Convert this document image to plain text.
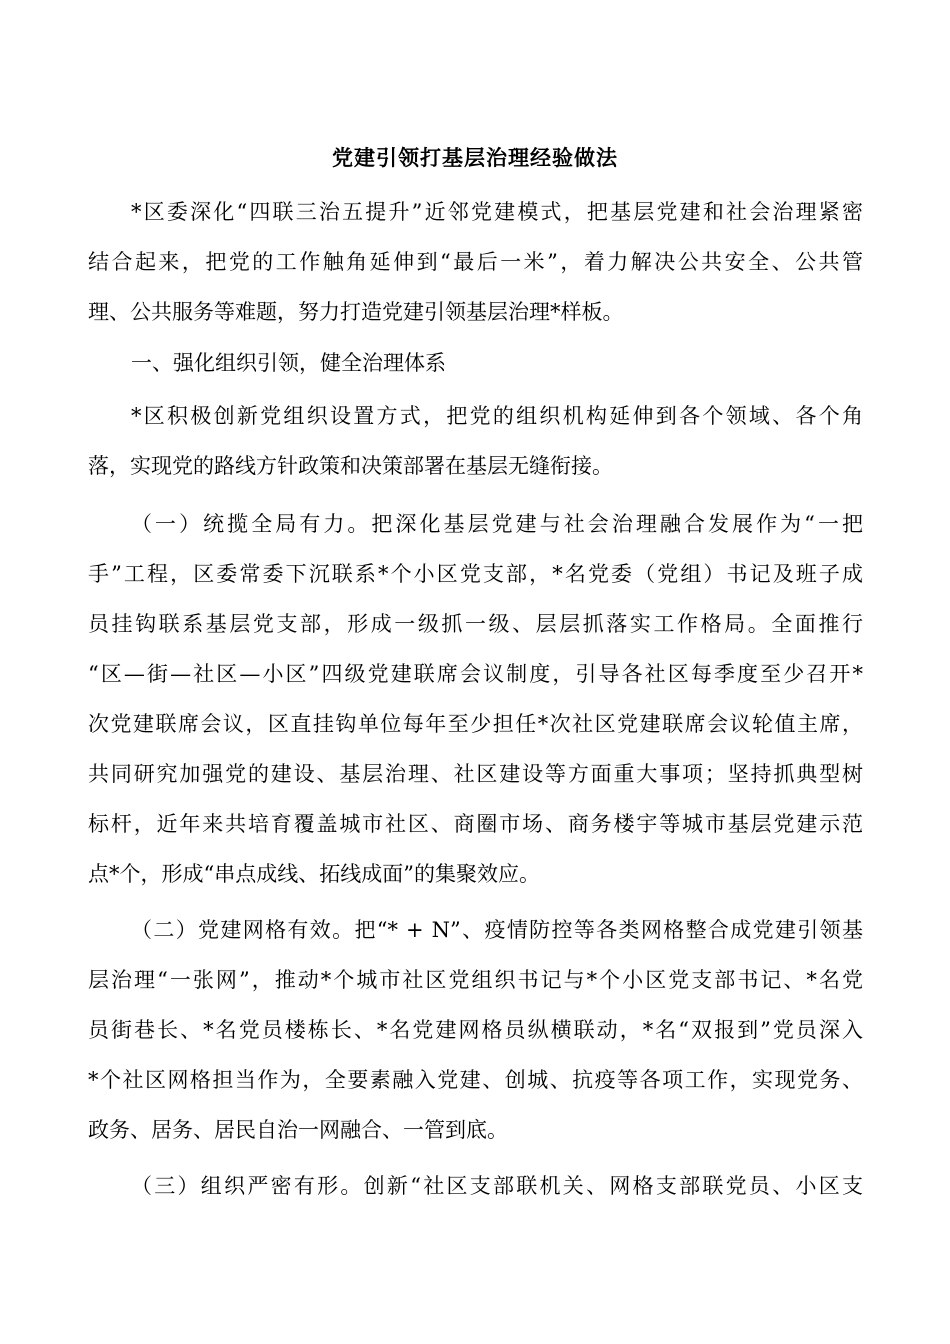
党建引领打基层治理经验做法
*区委深化“四联三治五提升”近邻党建模式，把基层党建和社会治理紧密
结合起来，把党的工作触角延伸到“最后一米”，着力解决公共安全、公共管
理、公共服务等难题，努力打造党建引领基层治理*样板。
一、强化组织引领，健全治理体系
*区积极创新党组织设置方式，把党的组织机构延伸到各个领域、各个角
落，实现党的路线方针政策和决策部署在基层无缝衔接。
（一）统揽全局有力。把深化基层党建与社会治理融合发展作为“一把
手”工程，区委常委下沉联系*个小区党支部，*名党委（党组）书记及班子成
员挂钩联系基层党支部，形成一级抓一级、层层抓落实工作格局。全面推行
“区—街—社区—小区”四级党建联席会议制度，引导各社区每季度至少召开*
次党建联席会议，区直挂钩单位每年至少担任*次社区党建联席会议轮值主席，
共同研究加强党的建设、基层治理、社区建设等方面重大事项；坚持抓典型树
标杆，近年来共培育覆盖城市社区、商圈市场、商务楼宇等城市基层党建示范
点*个，形成“串点成线、拓线成面”的集聚效应。
（二）党建网格有效。把“* + N”、疫情防控等各类网格整合成党建引领基
层治理“一张网”，推动*个城市社区党组织书记与*个小区党支部书记、*名党
员街巷长、*名党员楼栋长、*名党建网格员纵横联动，*名“双报到”党员深入
*个社区网格担当作为，全要素融入党建、创城、抗疫等各项工作，实现党务、
政务、居务、居民自治一网融合、一管到底。
（三）组织严密有形。创新“社区支部联机关、网格支部联党员、小区支
